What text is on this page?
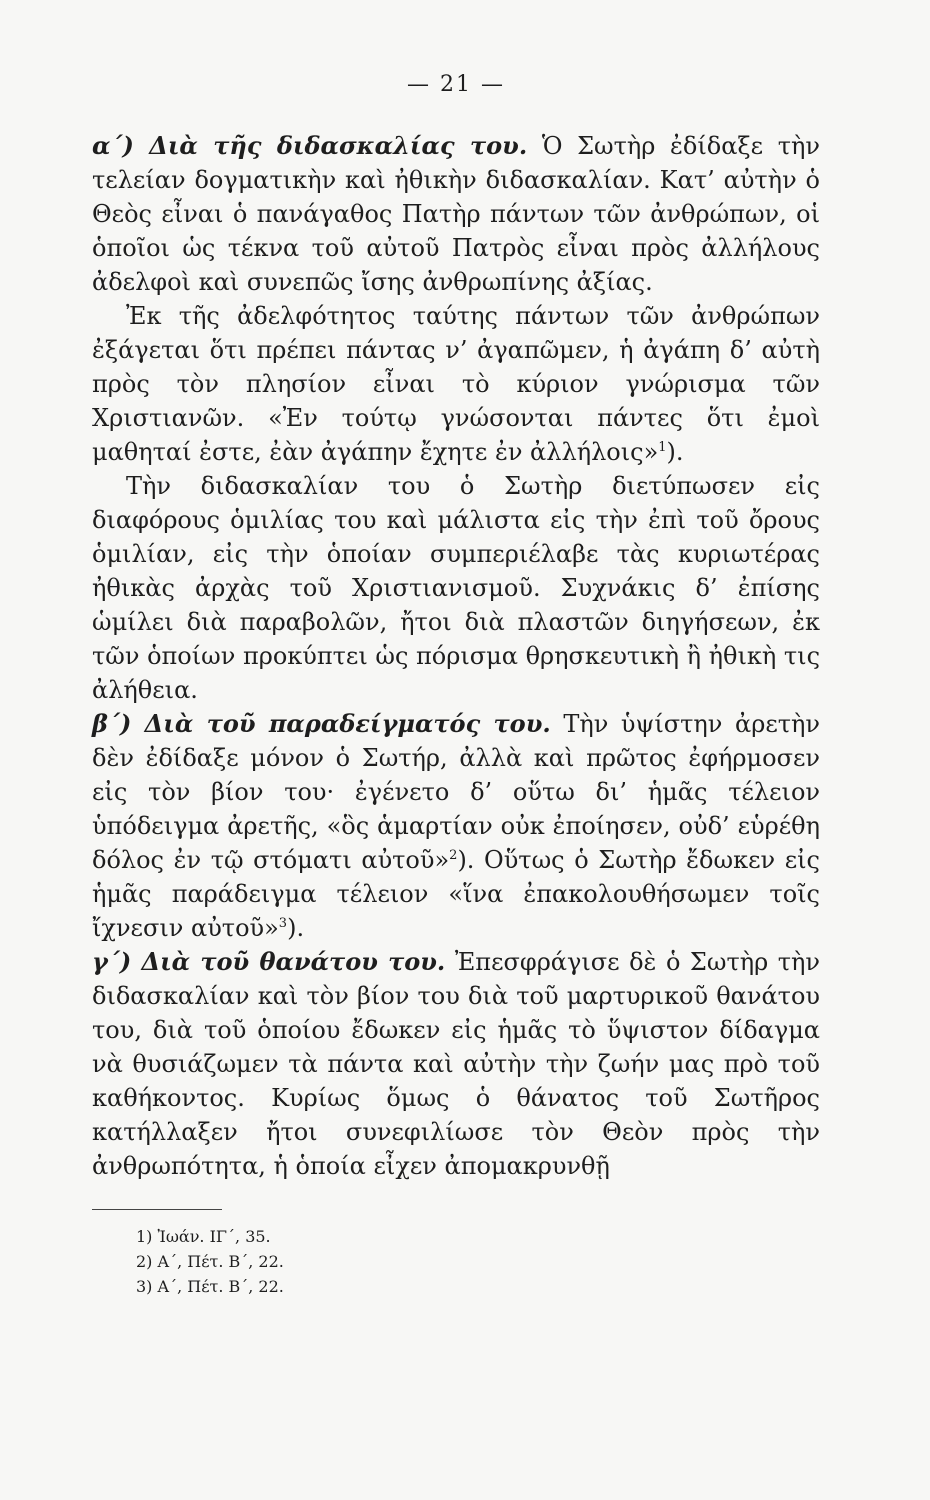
— 21 —

α΄) Διὰ τῆς διδασκαλίας του. Ὁ Σωτὴρ ἐδίδαξε τὴν τελείαν δογματικὴν καὶ ἠθικὴν διδασκαλίαν. Κατ’ αὐτὴν ὁ Θεὸς εἶναι ὁ πανάγαθος Πατὴρ πάντων τῶν ἀνθρώπων, οἱ ὁποῖοι ὡς τέκνα τοῦ αὐτοῦ Πατρὸς εἶναι πρὸς ἀλλήλους ἀδελφοὶ καὶ συνεπῶς ἴσης ἀνθρωπίνης ἀξίας.

Ἐκ τῆς ἀδελφότητος ταύτης πάντων τῶν ἀνθρώπων ἐξάγεται ὅτι πρέπει πάντας ν’ ἀγαπῶμεν, ἡ ἀγάπη δ’ αὐτὴ πρὸς τὸν πλησίον εἶναι τὸ κύριον γνώρισμα τῶν Χριστιανῶν. «Ἐν τούτῳ γνώσονται πάντες ὅτι ἐμοὶ μαθηταί ἐστε, ἐὰν ἀγάπην ἔχητε ἐν ἀλλήλοις»$^1$).

Τὴν διδασκαλίαν του ὁ Σωτὴρ διετύπωσεν εἰς διαφόρους ὁμιλίας του καὶ μάλιστα εἰς τὴν ἐπὶ τοῦ ὄρους ὁμιλίαν, εἰς τὴν ὁποίαν συμπεριέλαβε τὰς κυριωτέρας ἠθικὰς ἀρχὰς τοῦ Χριστιανισμοῦ. Συχνάκις δ’ ἐπίσης ὡμίλει διὰ παραβολῶν, ἤτοι διὰ πλαστῶν διηγήσεων, ἐκ τῶν ὁποίων προκύπτει ὡς πόρισμα θρησκευτικὴ ἢ ἠθικὴ τις ἀλήθεια.

β΄) Διὰ τοῦ παραδείγματός του. Τὴν ὑψίστην ἀρετὴν δὲν ἐδίδαξε μόνον ὁ Σωτήρ, ἀλλὰ καὶ πρῶτος ἐφήρμοσεν εἰς τὸν βίον του· ἐγένετο δ’ οὕτω δι’ ἡμᾶς τέλειον ὑπόδειγμα ἀρετῆς, «ὃς ἁμαρτίαν οὐκ ἐποίησεν, οὐδ’ εὑρέθη δόλος ἐν τῷ στόματι αὐτοῦ»$^2$). Οὕτως ὁ Σωτὴρ ἔδωκεν εἰς ἡμᾶς παράδειγμα τέλειον «ἵνα ἐπακολουθήσωμεν τοῖς ἴχνεσιν αὐτοῦ»$^3$).

γ΄) Διὰ τοῦ θανάτου του. Ἐπεσφράγισε δὲ ὁ Σωτὴρ τὴν διδασκαλίαν καὶ τὸν βίον του διὰ τοῦ μαρτυρικοῦ θανάτου του, διὰ τοῦ ὁποίου ἔδωκεν εἰς ἡμᾶς τὸ ὕψιστον δίδαγμα νὰ θυσιάζωμεν τὰ πάντα καὶ αὐτὴν τὴν ζωήν μας πρὸ τοῦ καθήκοντος. Κυρίως ὅμως ὁ θάνατος τοῦ Σωτῆρος κατήλλαξεν ἤτοι συνεφιλίωσε τὸν Θεὸν πρὸς τὴν ἀνθρωπότητα, ἡ ὁποία εἶχεν ἀπομακρυνθῇ

1) Ἰωάν. ΙΓ΄, 35.

2) Α΄, Πέτ. Β΄, 22.

3) Α΄, Πέτ. Β΄, 22.
